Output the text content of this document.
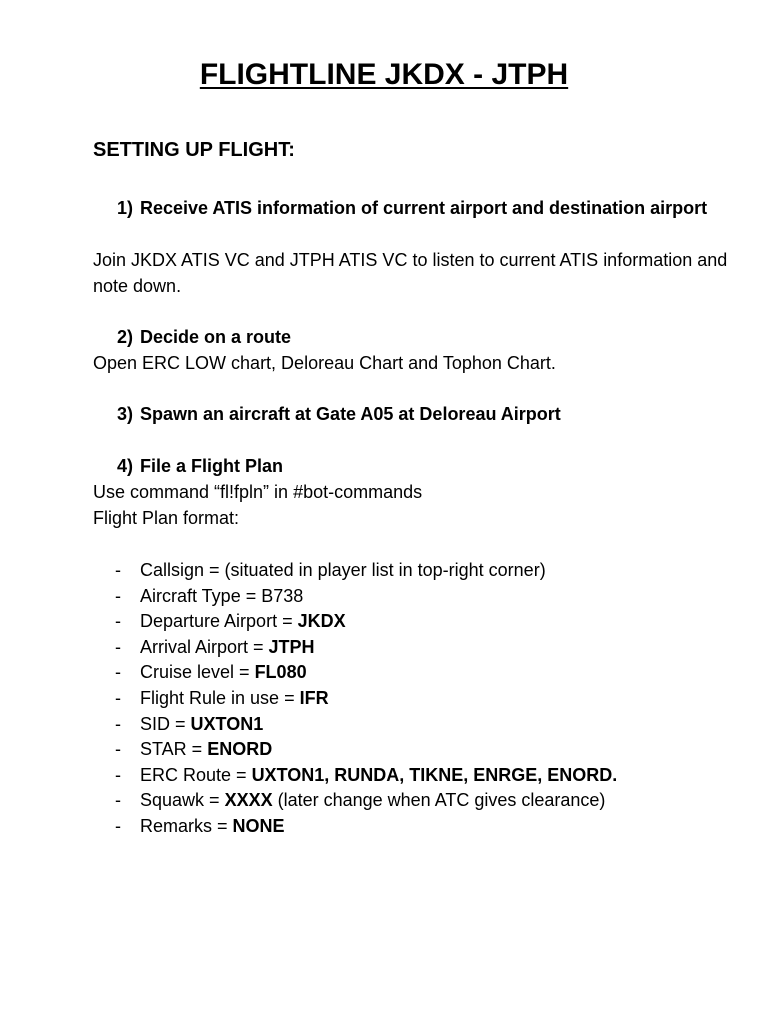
FLIGHTLINE JKDX - JTPH
SETTING UP FLIGHT:
1) Receive ATIS information of current airport and destination airport

Join JKDX ATIS VC and JTPH ATIS VC to listen to current ATIS information and note down.

2) Decide on a route

Open ERC LOW chart, Deloreau Chart and Tophon Chart.

3) Spawn an aircraft at Gate A05 at Deloreau Airport
4) File a Flight Plan

Use command “fl!fpln” in #bot-commands

Flight Plan format:

- Callsign = (situated in player list in top-right corner)
- Aircraft Type = B738
- Departure Airport = JKDX
- Arrival Airport = JTPH
- Cruise level = FL080
- Flight Rule in use = IFR
- SID = UXTON1
- STAR = ENORD
- ERC Route = UXTON1, RUNDA, TIKNE, ENRGE, ENORD.
- Squawk = XXXX (later change when ATC gives clearance)
- Remarks = NONE
